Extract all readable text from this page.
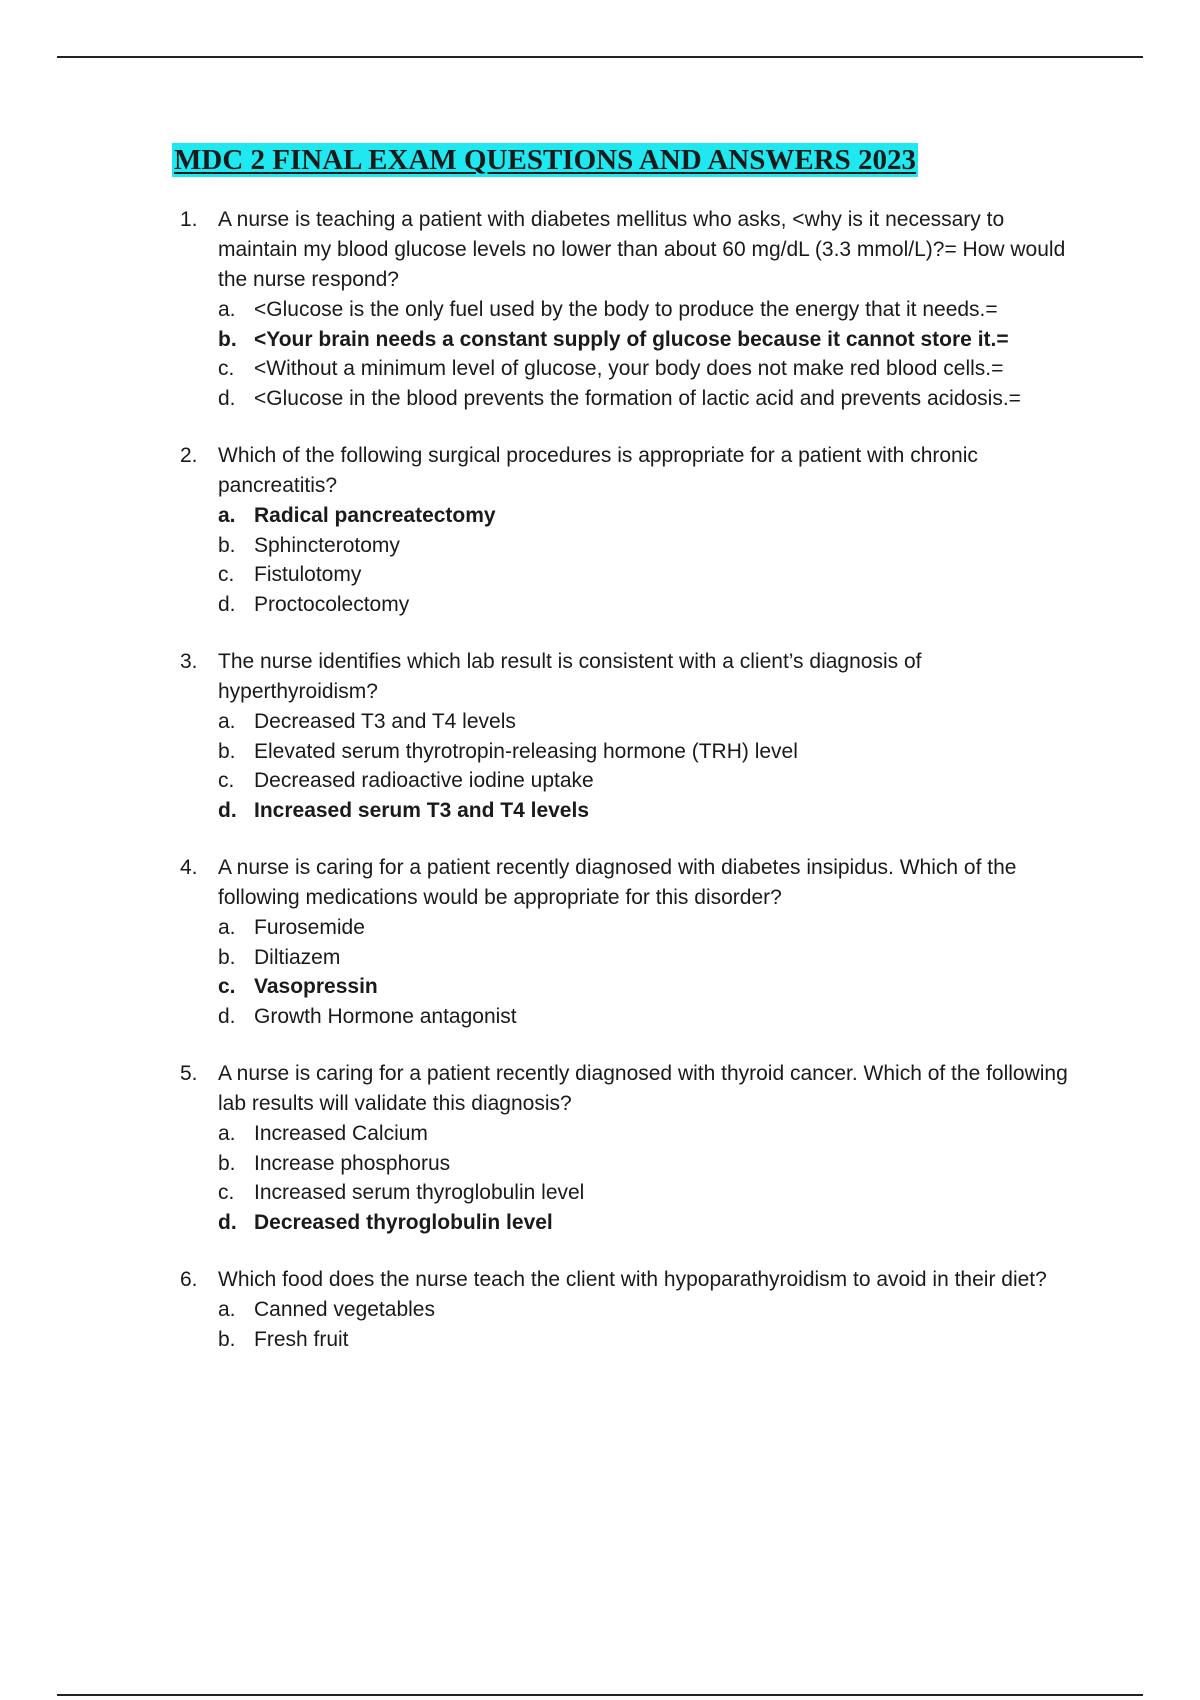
MDC 2 FINAL EXAM QUESTIONS AND ANSWERS 2023
1. A nurse is teaching a patient with diabetes mellitus who asks, <why is it necessary to maintain my blood glucose levels no lower than about 60 mg/dL (3.3 mmol/L)?= How would the nurse respond?
a. <Glucose is the only fuel used by the body to produce the energy that it needs.=
b. <Your brain needs a constant supply of glucose because it cannot store it.=
c. <Without a minimum level of glucose, your body does not make red blood cells.=
d. <Glucose in the blood prevents the formation of lactic acid and prevents acidosis.=
2. Which of the following surgical procedures is appropriate for a patient with chronic pancreatitis?
a. Radical pancreatectomy
b. Sphincterotomy
c. Fistulotomy
d. Proctocolectomy
3. The nurse identifies which lab result is consistent with a client’s diagnosis of hyperthyroidism?
a. Decreased T3 and T4 levels
b. Elevated serum thyrotropin-releasing hormone (TRH) level
c. Decreased radioactive iodine uptake
d. Increased serum T3 and T4 levels
4. A nurse is caring for a patient recently diagnosed with diabetes insipidus. Which of the following medications would be appropriate for this disorder?
a. Furosemide
b. Diltiazem
c. Vasopressin
d. Growth Hormone antagonist
5. A nurse is caring for a patient recently diagnosed with thyroid cancer. Which of the following lab results will validate this diagnosis?
a. Increased Calcium
b. Increase phosphorus
c. Increased serum thyroglobulin level
d. Decreased thyroglobulin level
6. Which food does the nurse teach the client with hypoparathyroidism to avoid in their diet?
a. Canned vegetables
b. Fresh fruit
